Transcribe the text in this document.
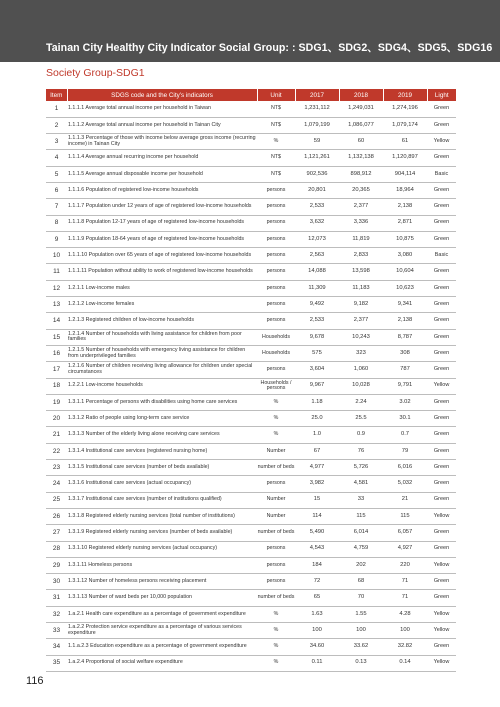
Tainan City Healthy City Indicator Social Group: : SDG1、SDG2、SDG4、SDG5、SDG16
Society Group-SDG1
Item	SDGS code and the City’s indicators	Unit	2017	2018	2019	Light
1	1.1.1.1 Average total annual income per household in Taiwan	NT$	1,231,112	1,249,031	1,274,196	Green
2	1.1.1.2 Average total annual income per household in Tainan City	NT$	1,079,199	1,086,077	1,079,174	Green
3	1.1.1.3 Percentage of those with income below average gross income (recurring income) in Tainan City	%	59	60	61	Yellow
4	1.1.1.4 Average annual recurring income per household	NT$	1,121,261	1,132,138	1,120,897	Green
5	1.1.1.5 Average annual disposable income per household	NT$	902,536	898,912	904,114	Basic
6	1.1.1.6 Population of registered low-income households	persons	20,801	20,365	18,964	Green
7	1.1.1.7 Population under 12 years of age of registered low-income households	persons	2,533	2,377	2,138	Green
8	1.1.1.8 Population 12-17 years of age of registered low-income households	persons	3,632	3,336	2,871	Green
9	1.1.1.9 Population 18-64 years of age of registered low-income households	persons	12,073	11,819	10,875	Green
10	1.1.1.10 Population over 65 years of age of registered low-income households	persons	2,563	2,833	3,080	Basic
11	1.1.1.11 Population without ability to work of registered low-income households	persons	14,088	13,598	10,604	Green
12	1.2.1.1 Low-income males	persons	11,309	11,183	10,623	Green
13	1.2.1.2 Low-income females	persons	9,492	9,182	9,341	Green
14	1.2.1.3 Registered children of low-income households	persons	2,533	2,377	2,138	Green
15	1.2.1.4 Number of households with living assistance for children from poor families	Households	9,678	10,243	8,787	Green
16	1.2.1.5 Number of households with emergency living assistance for children from underprivileged families	Households	575	323	308	Green
17	1.2.1.6 Number of children receiving living allowance for children under special circumstances	persons	3,604	1,060	787	Green
18	1.2.2.1 Low-income households	Households / persons	9,967	10,028	9,791	Yellow
19	1.3.1.1 Percentage of persons with disabilities using home care services	%	1.18	2.24	3.02	Green
20	1.3.1.2 Ratio of people using long-term care service	%	25.0	25.5	30.1	Green
21	1.3.1.3 Number of the elderly living alone receiving care services	%	1.0	0.9	0.7	Green
22	1.3.1.4 Institutional care services (registered nursing home)	Number	67	76	79	Green
23	1.3.1.5 Institutional care services (number of beds available)	number of beds	4,977	5,726	6,016	Green
24	1.3.1.6 Institutional care services (actual occupancy)	persons	3,982	4,581	5,032	Green
25	1.3.1.7 Institutional care services (number of institutions qualified)	Number	15	33	21	Green
26	1.3.1.8 Registered elderly nursing services (total number of institutions)	Number	114	115	115	Yellow
27	1.3.1.9 Registered elderly nursing services (number of beds available)	number of beds	5,490	6,014	6,057	Green
28	1.3.1.10 Registered elderly nursing services (actual occupancy)	persons	4,543	4,759	4,927	Green
29	1.3.1.11 Homeless persons	persons	184	202	220	Yellow
30	1.3.1.12 Number of homeless persons receiving placement	persons	72	68	71	Green
31	1.3.1.13 Number of ward beds per 10,000 population	number of beds	65	70	71	Green
32	1.a.2.1 Health care expenditure as a percentage of government expenditure	%	1.63	1.55	4.28	Yellow
33	1.a.2.2 Protection service expenditure as a percentage of various services expenditure	%	100	100	100	Yellow
34	1.1.a.2.3 Education expenditure as a percentage of government expenditure	%	34.60	33.62	32.82	Green
35	1.a.2.4 Proportional of social welfare expenditure	%	0.11	0.13	0.14	Yellow
116
